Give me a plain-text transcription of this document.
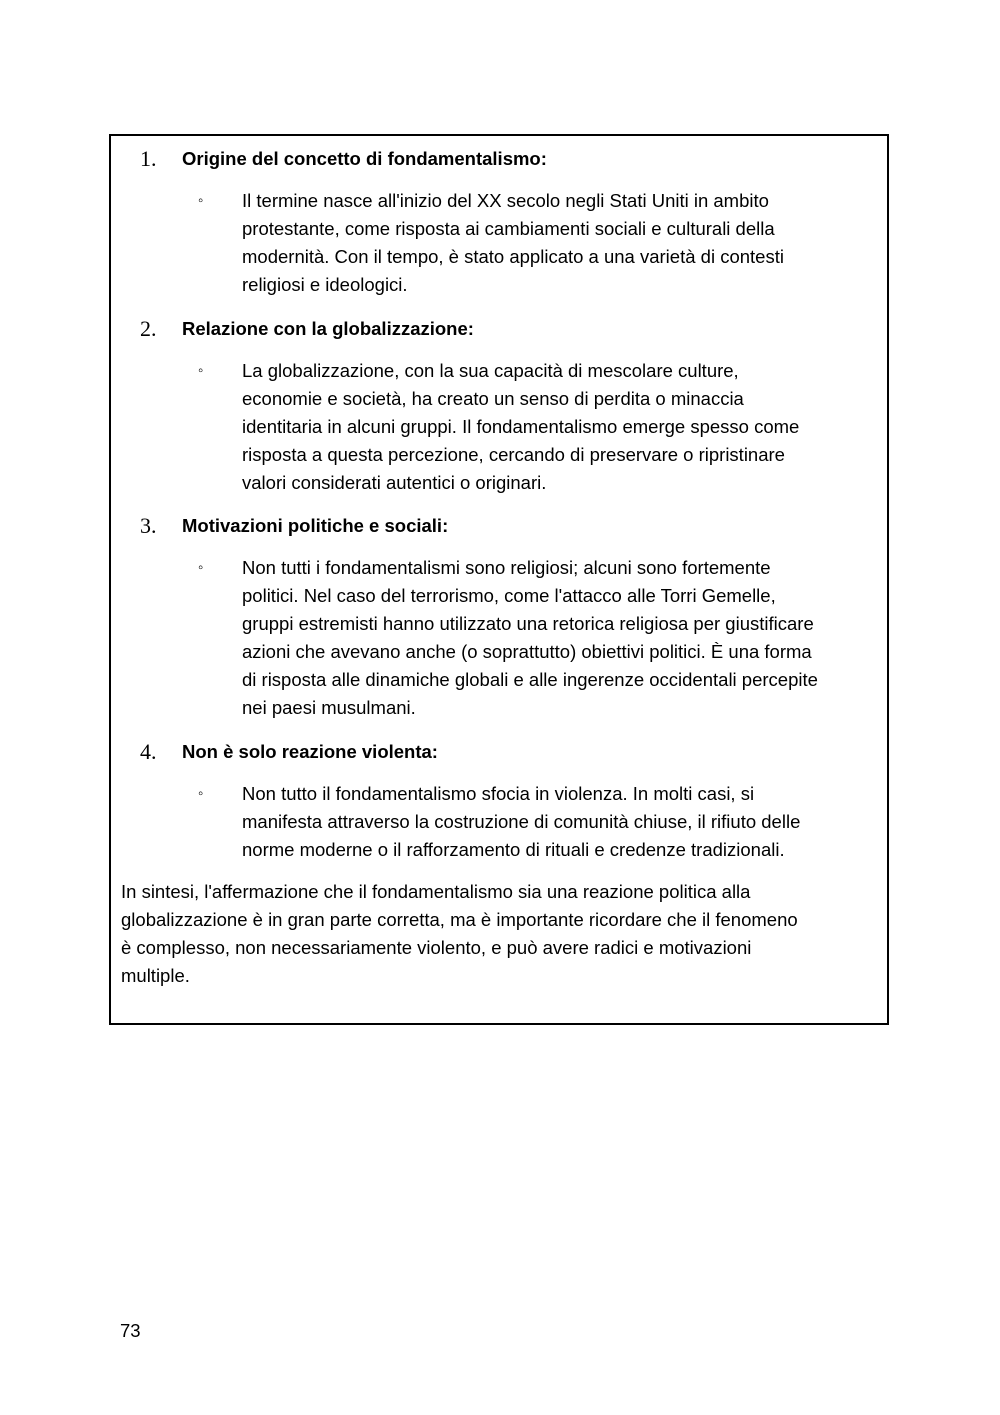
1. Origine del concetto di fondamentalismo:
◦ Il termine nasce all'inizio del XX secolo negli Stati Uniti in ambito
protestante, come risposta ai cambiamenti sociali e culturali della
modernità. Con il tempo, è stato applicato a una varietà di contesti
religiosi e ideologici.
2. Relazione con la globalizzazione:
◦ La globalizzazione, con la sua capacità di mescolare culture,
economie e società, ha creato un senso di perdita o minaccia
identitaria in alcuni gruppi. Il fondamentalismo emerge spesso come
risposta a questa percezione, cercando di preservare o ripristinare
valori considerati autentici o originari.
3. Motivazioni politiche e sociali:
◦ Non tutti i fondamentalismi sono religiosi; alcuni sono fortemente
politici. Nel caso del terrorismo, come l'attacco alle Torri Gemelle,
gruppi estremisti hanno utilizzato una retorica religiosa per giustificare
azioni che avevano anche (o soprattutto) obiettivi politici. È una forma
di risposta alle dinamiche globali e alle ingerenze occidentali percepite
nei paesi musulmani.
4. Non è solo reazione violenta:
◦ Non tutto il fondamentalismo sfocia in violenza. In molti casi, si
manifesta attraverso la costruzione di comunità chiuse, il rifiuto delle
norme moderne o il rafforzamento di rituali e credenze tradizionali.
In sintesi, l'affermazione che il fondamentalismo sia una reazione politica alla
globalizzazione è in gran parte corretta, ma è importante ricordare che il fenomeno
è complesso, non necessariamente violento, e può avere radici e motivazioni
multiple.
73
